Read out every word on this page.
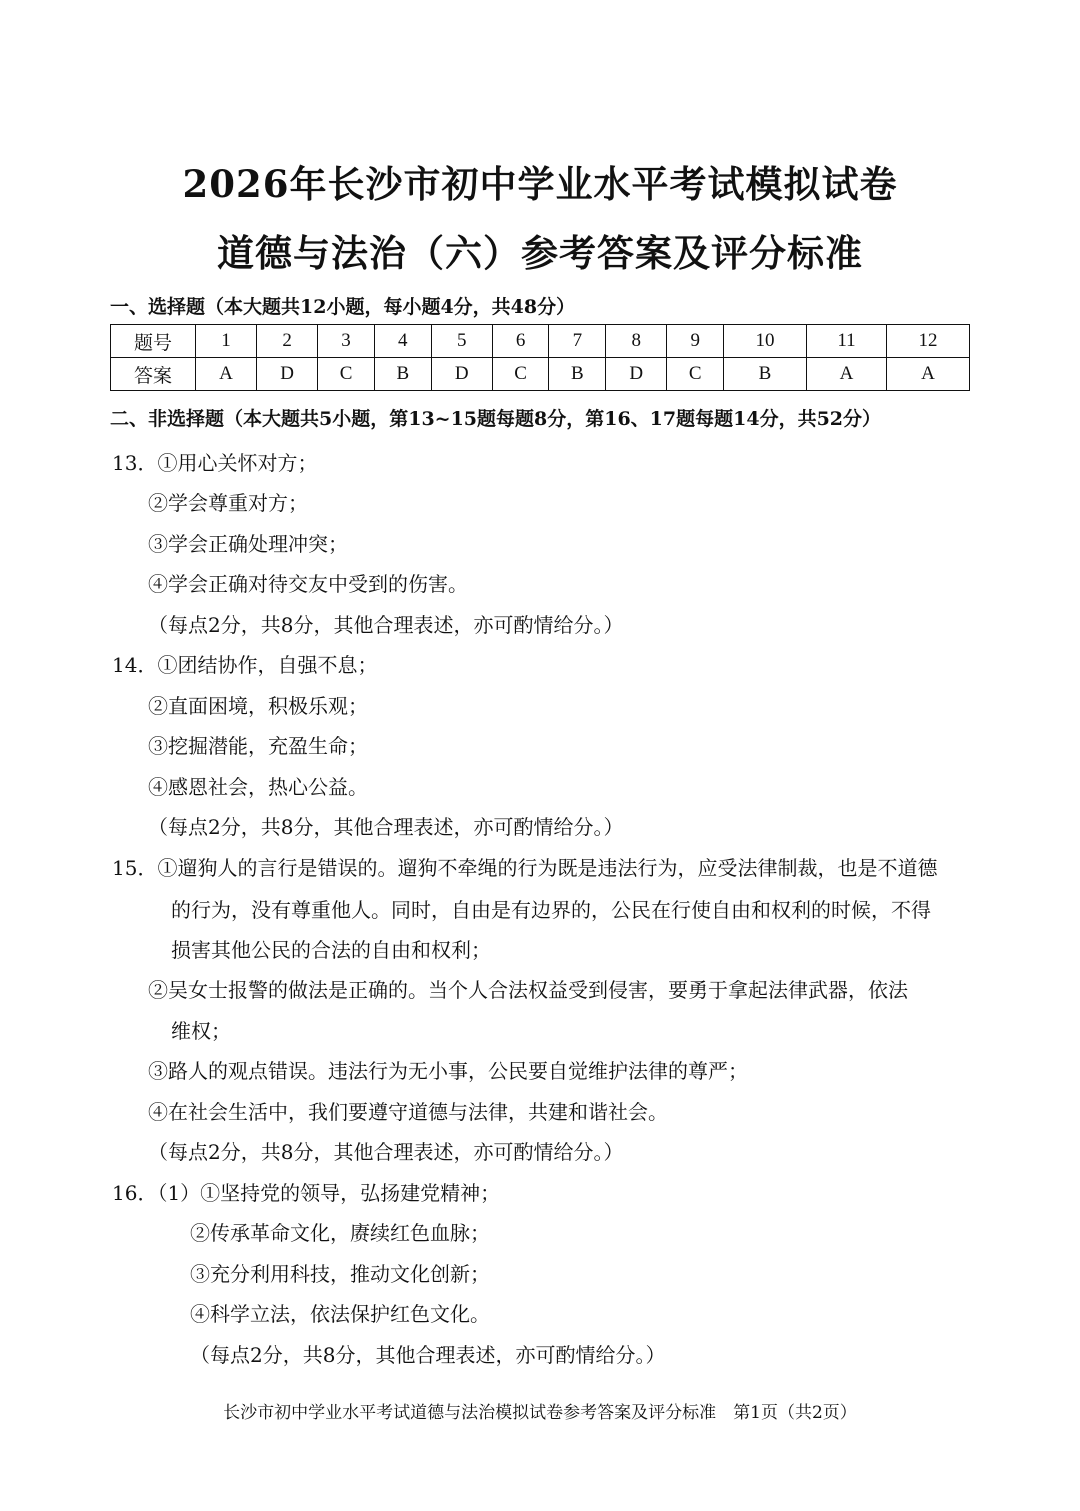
2026年长沙市初中学业水平考试模拟试卷
道德与法治（六）参考答案及评分标准
一、选择题（本大题共12小题，每小题4分，共48分）
题号	1	2	3	4	5	6	7	8	9	10	11	12
答案	A	D	C	B	D	C	B	D	C	B	A	A
二、非选择题（本大题共5小题，第13~15题每题8分，第16、17题每题14分，共52分）
13．①用心关怀对方；
②学会尊重对方；
③学会正确处理冲突；
④学会正确对待交友中受到的伤害。
（每点2分，共8分，其他合理表述，亦可酌情给分。）
14．①团结协作，自强不息；
②直面困境，积极乐观；
③挖掘潜能，充盈生命；
④感恩社会，热心公益。
（每点2分，共8分，其他合理表述，亦可酌情给分。）
15．①遛狗人的言行是错误的。遛狗不牵绳的行为既是违法行为，应受法律制裁，也是不道德
的行为，没有尊重他人。同时，自由是有边界的，公民在行使自由和权利的时候，不得
损害其他公民的合法的自由和权利；
②吴女士报警的做法是正确的。当个人合法权益受到侵害，要勇于拿起法律武器，依法
维权；
③路人的观点错误。违法行为无小事，公民要自觉维护法律的尊严；
④在社会生活中，我们要遵守道德与法律，共建和谐社会。
（每点2分，共8分，其他合理表述，亦可酌情给分。）
16．（1）①坚持党的领导，弘扬建党精神；
②传承革命文化，赓续红色血脉；
③充分利用科技，推动文化创新；
④科学立法，依法保护红色文化。
（每点2分，共8分，其他合理表述，亦可酌情给分。）
长沙市初中学业水平考试道德与法治模拟试卷参考答案及评分标准　第1页（共2页）
